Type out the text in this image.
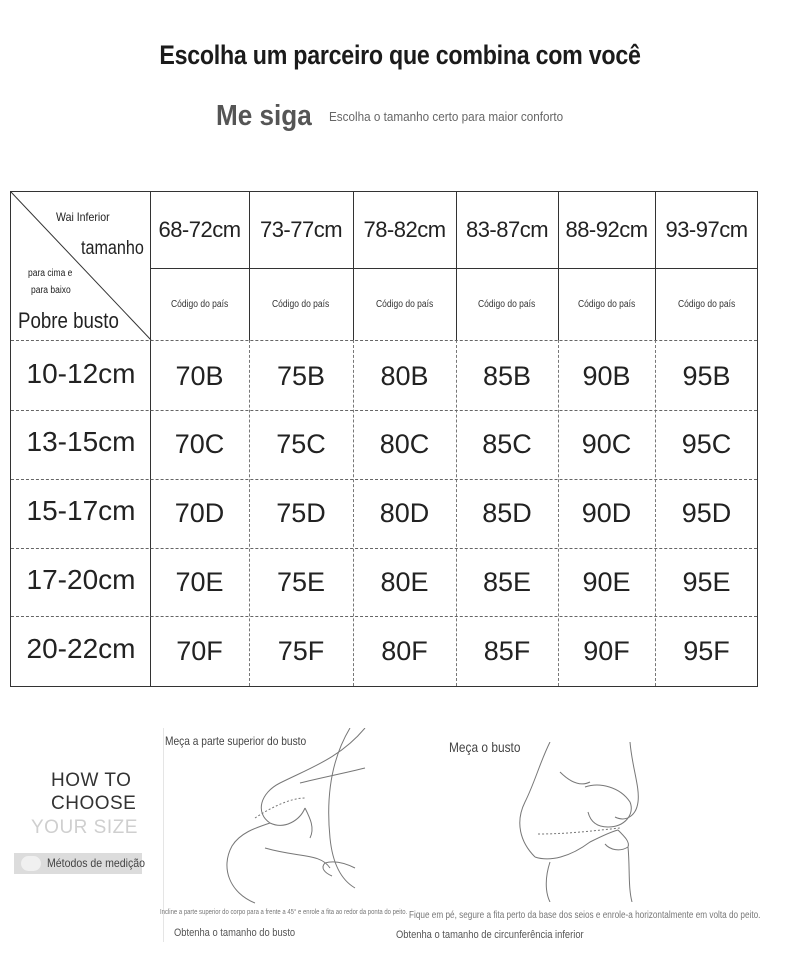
Escolha um parceiro que combina com você
Me siga Escolha o tamanho certo para maior conforto
Wai Inferior
tamanho
para cima e
para baixo
Pobre busto
68-72cm 73-77cm 78-82cm 83-87cm 88-92cm 93-97cm
Código do país	Código do país	Código do país	Código do país	Código do país	Código do país
10-12cm	70B	75B	80B	85B	90B	95B
13-15cm	70C	75C	80C	85C	90C	95C
15-17cm	70D	75D	80D	85D	90D	95D
17-20cm	70E	75E	80E	85E	90E	95E
20-22cm	70F	75F	80F	85F	90F	95F
HOW TO
CHOOSE
YOUR SIZE
Métodos de medição
Meça a parte superior do busto	Meça o busto
Incline a parte superior do corpo para a frente a 45° e enrole a fita ao redor da ponta do peito. Fique em pé, segure a fita perto da base dos seios e enrole-a horizontalmente em volta do peito.
Obtenha o tamanho do busto	Obtenha o tamanho de circunferência inferior
